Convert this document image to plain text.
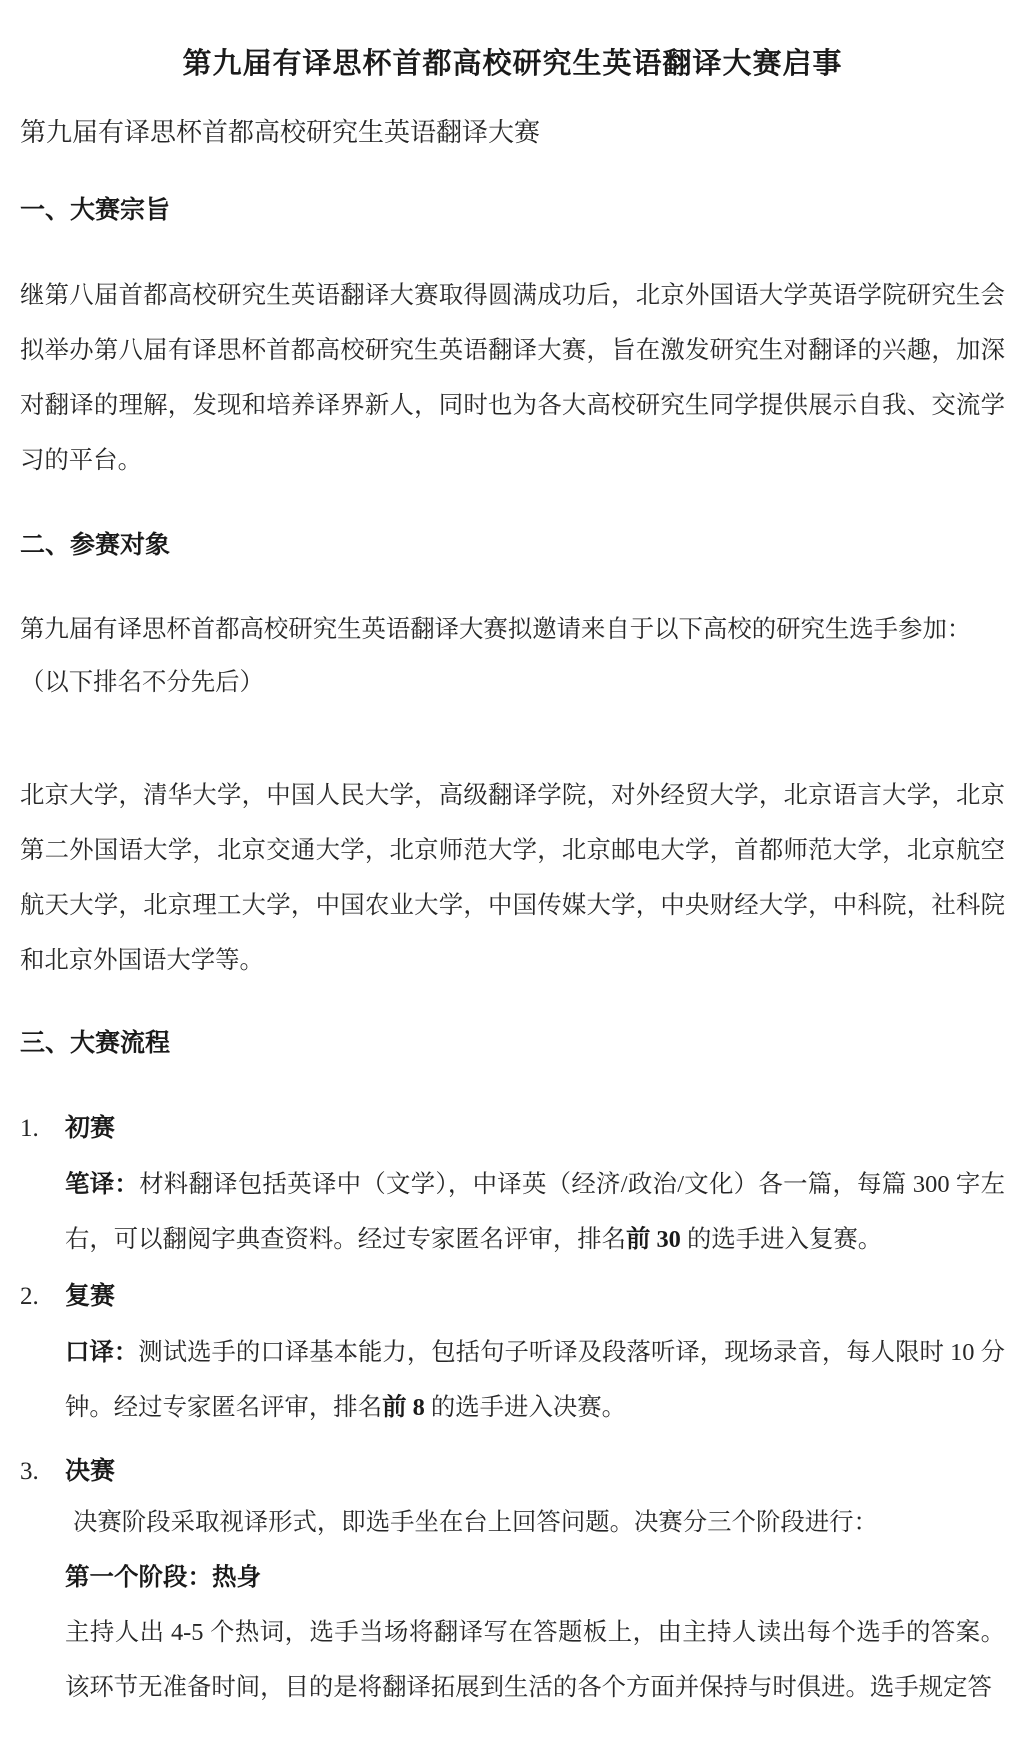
第九届有译思杯首都高校研究生英语翻译大赛启事
第九届有译思杯首都高校研究生英语翻译大赛
一、大赛宗旨
继第八届首都高校研究生英语翻译大赛取得圆满成功后，北京外国语大学英语学院研究生会拟举办第八届有译思杯首都高校研究生英语翻译大赛，旨在激发研究生对翻译的兴趣，加深对翻译的理解，发现和培养译界新人，同时也为各大高校研究生同学提供展示自我、交流学习的平台。
二、参赛对象
第九届有译思杯首都高校研究生英语翻译大赛拟邀请来自于以下高校的研究生选手参加：
（以下排名不分先后）
北京大学，清华大学，中国人民大学，高级翻译学院，对外经贸大学，北京语言大学，北京第二外国语大学，北京交通大学，北京师范大学，北京邮电大学，首都师范大学，北京航空航天大学，北京理工大学，中国农业大学，中国传媒大学，中央财经大学，中科院，社科院和北京外国语大学等。
三、大赛流程
1. 初赛
笔译：材料翻译包括英译中（文学），中译英（经济/政治/文化）各一篇，每篇 300 字左右，可以翻阅字典查资料。经过专家匿名评审，排名前 30 的选手进入复赛。
2. 复赛
口译：测试选手的口译基本能力，包括句子听译及段落听译，现场录音，每人限时 10 分钟。经过专家匿名评审，排名前 8 的选手进入决赛。
3. 决赛
决赛阶段采取视译形式，即选手坐在台上回答问题。决赛分三个阶段进行：
第一个阶段：热身
主持人出 4-5 个热词，选手当场将翻译写在答题板上，由主持人读出每个选手的答案。该环节无准备时间，目的是将翻译拓展到生活的各个方面并保持与时俱进。选手规定答
